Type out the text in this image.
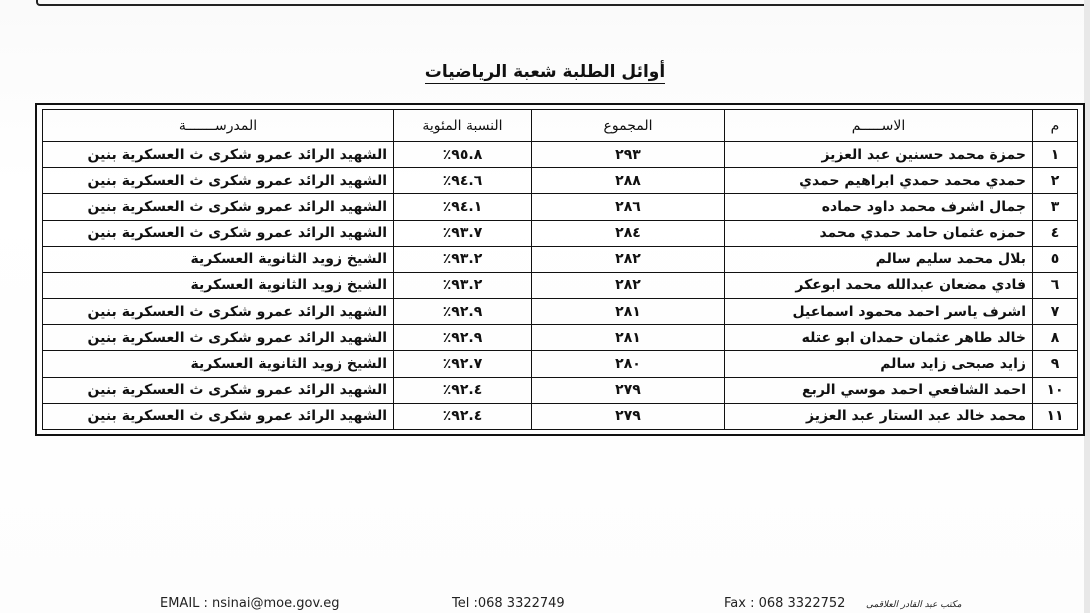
أوائل الطلبة شعبة الرياضيات
م	الاســـــم	المجموع	النسبة المئوية	المدرســـــــة
١	حمزة محمد حسنين عبد العزيز	٢٩٣	٩٥.٨٪	الشهيد الرائد عمرو شكرى ث العسكرية بنين
٢	حمدي محمد حمدي ابراهيم حمدي	٢٨٨	٩٤.٦٪	الشهيد الرائد عمرو شكرى ث العسكرية بنين
٣	جمال اشرف محمد داود حماده	٢٨٦	٩٤.١٪	الشهيد الرائد عمرو شكرى ث العسكرية بنين
٤	حمزه عثمان حامد حمدي محمد	٢٨٤	٩٣.٧٪	الشهيد الرائد عمرو شكرى ث العسكرية بنين
٥	بلال محمد سليم سالم	٢٨٢	٩٣.٢٪	الشيخ زويد الثانوية العسكرية
٦	فادي مضعان عبدالله محمد ابوعكر	٢٨٢	٩٣.٢٪	الشيخ زويد الثانوية العسكرية
٧	اشرف ياسر احمد محمود اسماعيل	٢٨١	٩٢.٩٪	الشهيد الرائد عمرو شكرى ث العسكرية بنين
٨	خالد طاهر عثمان حمدان ابو عتله	٢٨١	٩٢.٩٪	الشهيد الرائد عمرو شكرى ث العسكرية بنين
٩	زايد صبحى زايد سالم	٢٨٠	٩٢.٧٪	الشيخ زويد الثانوية العسكرية
١٠	احمد الشافعي احمد موسي الربع	٢٧٩	٩٢.٤٪	الشهيد الرائد عمرو شكرى ث العسكرية بنين
١١	محمد خالد عبد الستار عبد العزيز	٢٧٩	٩٢.٤٪	الشهيد الرائد عمرو شكرى ث العسكرية بنين
EMAIL : nsinai@moe.gov.eg	Tel :068 3322749	Fax : 068 3322752 مكتب عبد القادر العلاقمى
